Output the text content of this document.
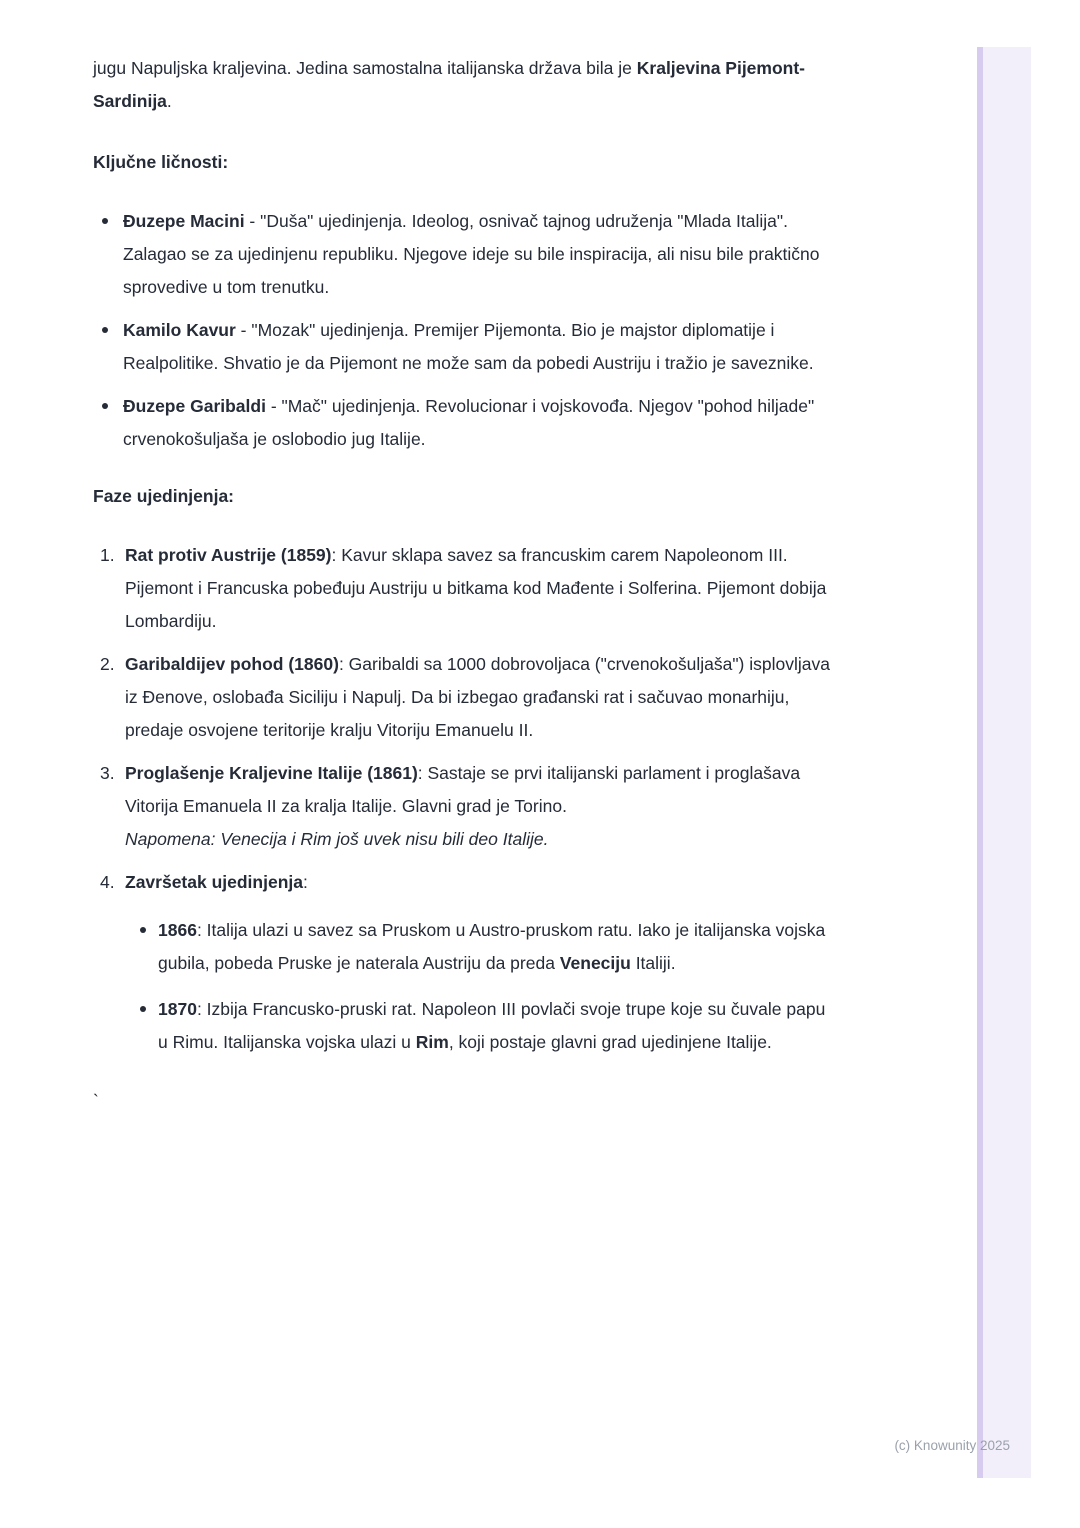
jugu Napuljska kraljevina. Jedina samostalna italijanska država bila je Kraljevina Pijemont-Sardinija.

Ključne ličnosti:
Đuzepe Macini - "Duša" ujedinjenja. Ideolog, osnivač tajnog udruženja "Mlada Italija". Zalagao se za ujedinjenu republiku. Njegove ideje su bile inspiracija, ali nisu bile praktično sprovedive u tom trenutku.
Kamilo Kavur - "Mozak" ujedinjenja. Premijer Pijemonta. Bio je majstor diplomatije i Realpolitike. Shvatio je da Pijemont ne može sam da pobedi Austriju i tražio je saveznike.
Đuzepe Garibaldi - "Mač" ujedinjenja. Revolucionar i vojskovođa. Njegov "pohod hiljade" crvenokošuljaša je oslobodio jug Italije.
Faze ujedinjenja:
1. Rat protiv Austrije (1859): Kavur sklapa savez sa francuskim carem Napoleonom III. Pijemont i Francuska pobeđuju Austriju u bitkama kod Mađente i Solferina. Pijemont dobija Lombardiju.
2. Garibaldijev pohod (1860): Garibaldi sa 1000 dobrovoljaca ("crvenokošuljaša") isplovljava iz Đenove, oslobađa Siciliju i Napulj. Da bi izbegao građanski rat i sačuvao monarhiju, predaje osvojene teritorije kralju Vitoriju Emanuelu II.
3. Proglašenje Kraljevine Italije (1861): Sastaje se prvi italijanski parlament i proglašava Vitorija Emanuela II za kralja Italije. Glavni grad je Torino.
Napomena: Venecija i Rim još uvek nisu bili deo Italije.
4. Završetak ujedinjenja:
1866: Italija ulazi u savez sa Pruskom u Austro-pruskom ratu. Iako je italijanska vojska gubila, pobeda Pruske je naterala Austriju da preda Veneciju Italiji.
1870: Izbija Francusko-pruski rat. Napoleon III povlači svoje trupe koje su čuvale papu u Rimu. Italijanska vojska ulazi u Rim, koji postaje glavni grad ujedinjene Italije.
`
(c) Knowunity 2025
